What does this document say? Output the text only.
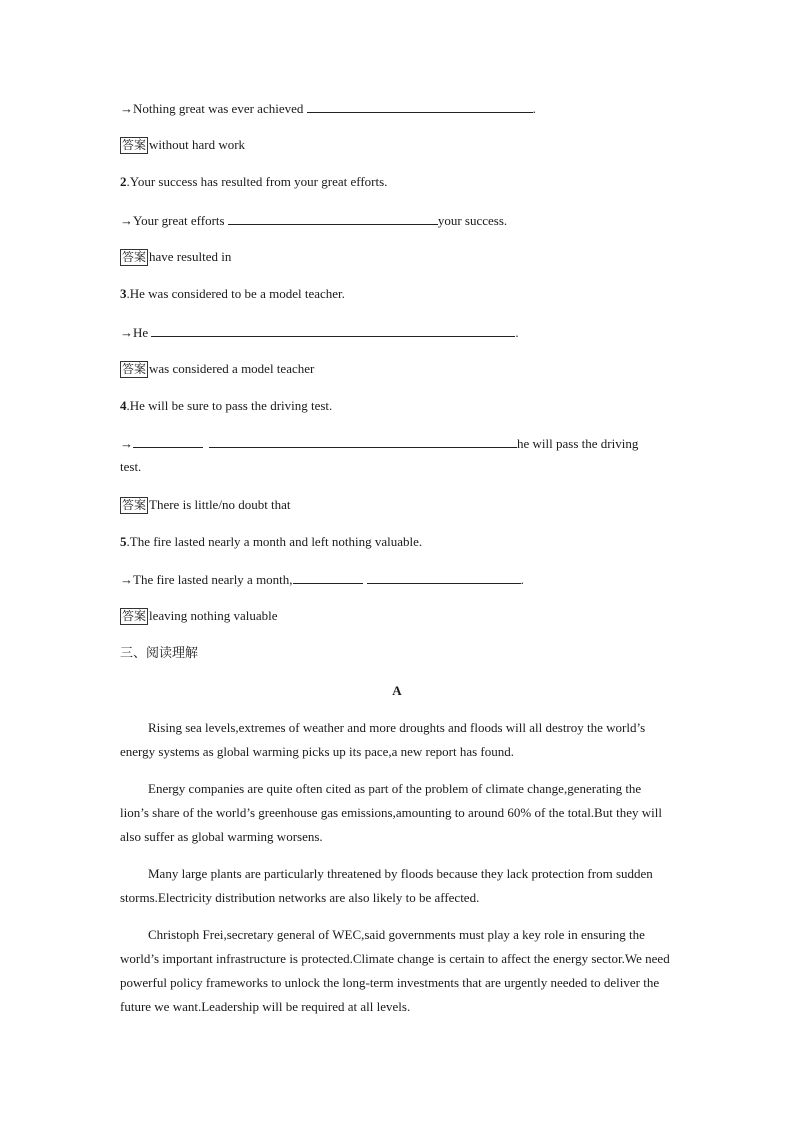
→Nothing great was ever achieved	.
答案 without hard work
2.Your success has resulted from your great efforts.
→Your great efforts	your success.
答案 have resulted in
3.He was considered to be a model teacher.
→He	.
答案 was considered a model teacher
4.He will be sure to pass the driving test.
→	he will pass the driving
test.
答案 There is little/no doubt that
5.The fire lasted nearly a month and left nothing valuable.
→The fire lasted nearly a month,	.
答案 leaving nothing valuable
三、阅读理解
A
Rising sea levels,extremes of weather and more droughts and floods will all destroy the world’s energy systems as global warming picks up its pace,a new report has found.
Energy companies are quite often cited as part of the problem of climate change,generating the lion’s share of the world’s greenhouse gas emissions,amounting to around 60% of the total.But they will also suffer as global warming worsens.
Many large plants are particularly threatened by floods because they lack protection from sudden storms.Electricity distribution networks are also likely to be affected.
Christoph Frei,secretary general of WEC,said governments must play a key role in ensuring the world’s important infrastructure is protected.Climate change is certain to affect the energy sector.We need powerful policy frameworks to unlock the long-term investments that are urgently needed to deliver the future we want.Leadership will be required at all levels.
